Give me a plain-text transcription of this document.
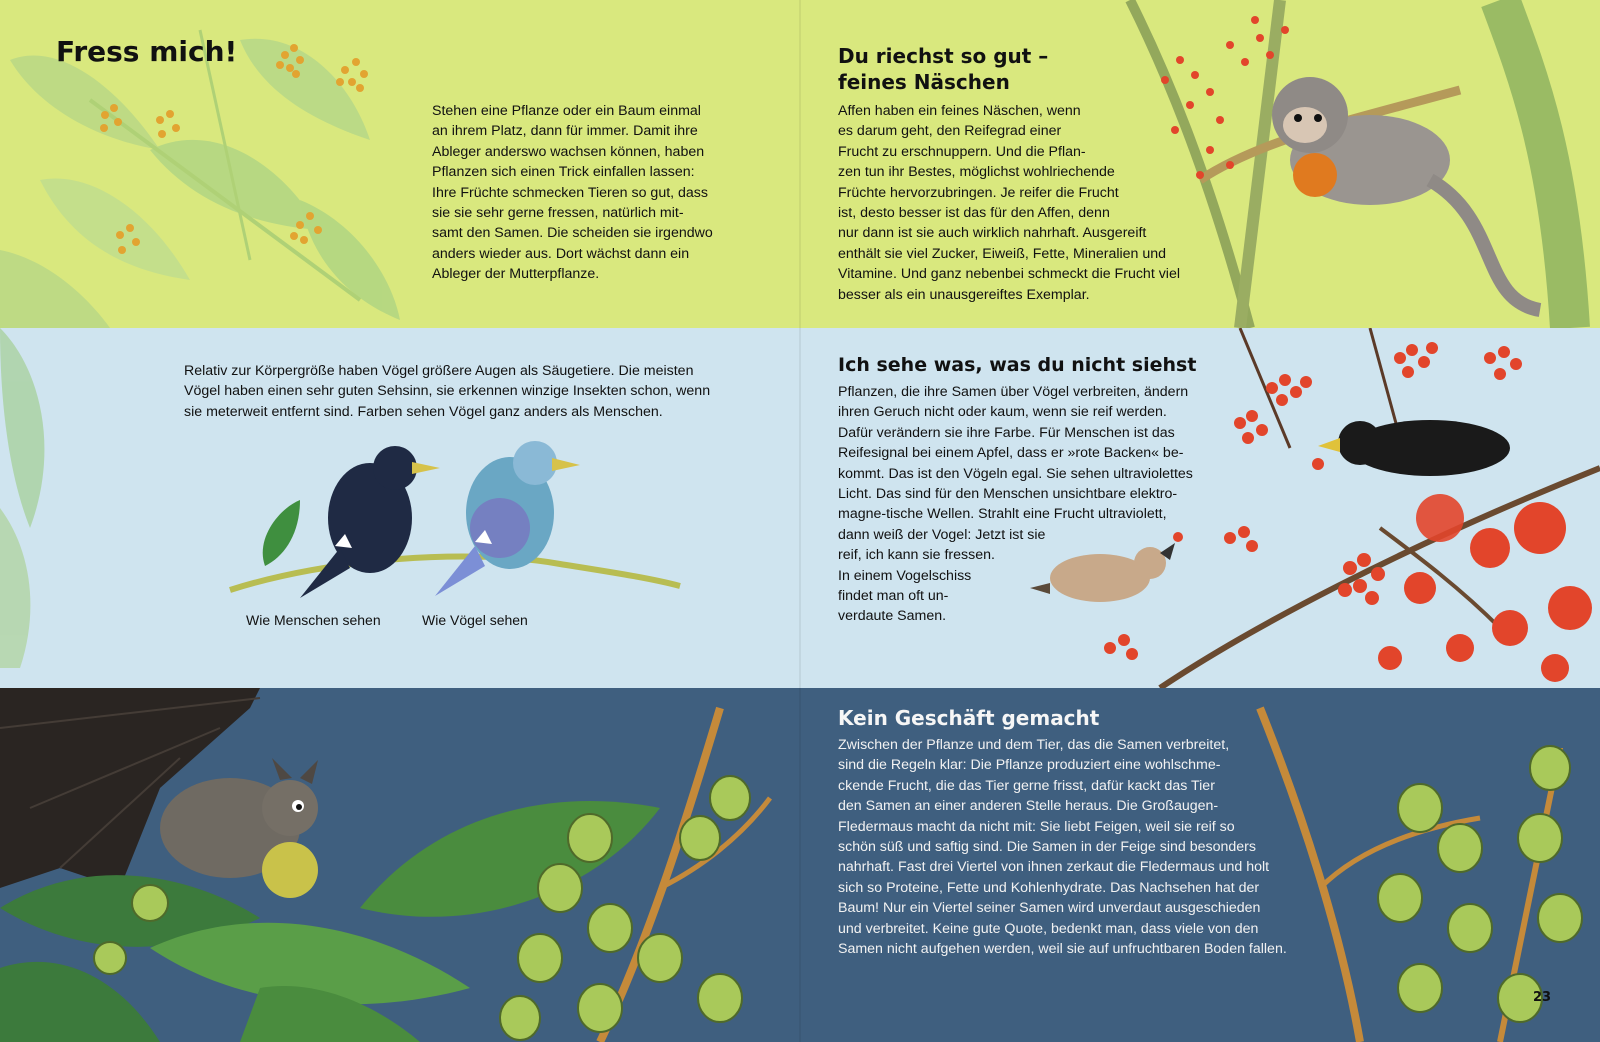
Fress mich!
Stehen eine Pflanze oder ein Baum einmal
an ihrem Platz, dann für immer. Damit ihre
Ableger anderswo wachsen können, haben
Pflanzen sich einen Trick einfallen lassen:
Ihre Früchte schmecken Tieren so gut, dass
sie sie sehr gerne fressen, natürlich mit-
samt den Samen. Die scheiden sie irgendwo
anders wieder aus. Dort wächst dann ein
Ableger der Mutterpflanze.
Du riechst so gut –
feines Näschen
Affen haben ein feines Näschen, wenn
es darum geht, den Reifegrad einer
Frucht zu erschnuppern. Und die Pflan-
zen tun ihr Bestes, möglichst wohlriechende
Früchte hervorzubringen. Je reifer die Frucht
ist, desto besser ist das für den Affen, denn
nur dann ist sie auch wirklich nahrhaft. Ausgereift
enthält sie viel Zucker, Eiweiß, Fette, Mineralien und
Vitamine. Und ganz nebenbei schmeckt die Frucht viel
besser als ein unausgereiftes Exemplar.
Relativ zur Körpergröße haben Vögel größere Augen als Säugetiere. Die meisten
Vögel haben einen sehr guten Sehsinn, sie erkennen winzige Insekten schon, wenn
sie meterweit entfernt sind. Farben sehen Vögel ganz anders als Menschen.
Wie Menschen sehen	Wie Vögel sehen
Ich sehe was, was du nicht siehst
Pflanzen, die ihre Samen über Vögel verbreiten, ändern
ihren Geruch nicht oder kaum, wenn sie reif werden.
Dafür verändern sie ihre Farbe. Für Menschen ist das
Reifesignal bei einem Apfel, dass er »rote Backen« be-
kommt. Das ist den Vögeln egal. Sie sehen ultraviolettes
Licht. Das sind für den Menschen unsichtbare elektro-
magne-tische Wellen. Strahlt eine Frucht ultraviolett,
dann weiß der Vogel: Jetzt ist sie
reif, ich kann sie fressen.
In einem Vogelschiss
findet man oft un-
verdaute Samen.
Kein Geschäft gemacht
Zwischen der Pflanze und dem Tier, das die Samen verbreitet,
sind die Regeln klar: Die Pflanze produziert eine wohlschme-
ckende Frucht, die das Tier gerne frisst, dafür kackt das Tier
den Samen an einer anderen Stelle heraus. Die Großaugen-
Fledermaus macht da nicht mit: Sie liebt Feigen, weil sie reif so
schön süß und saftig sind. Die Samen in der Feige sind besonders
nahrhaft. Fast drei Viertel von ihnen zerkaut die Fledermaus und holt
sich so Proteine, Fette und Kohlenhydrate. Das Nachsehen hat der
Baum! Nur ein Viertel seiner Samen wird unverdaut ausgeschieden
und verbreitet. Keine gute Quote, bedenkt man, dass viele von den
Samen nicht aufgehen werden, weil sie auf unfruchtbaren Boden fallen.
23
